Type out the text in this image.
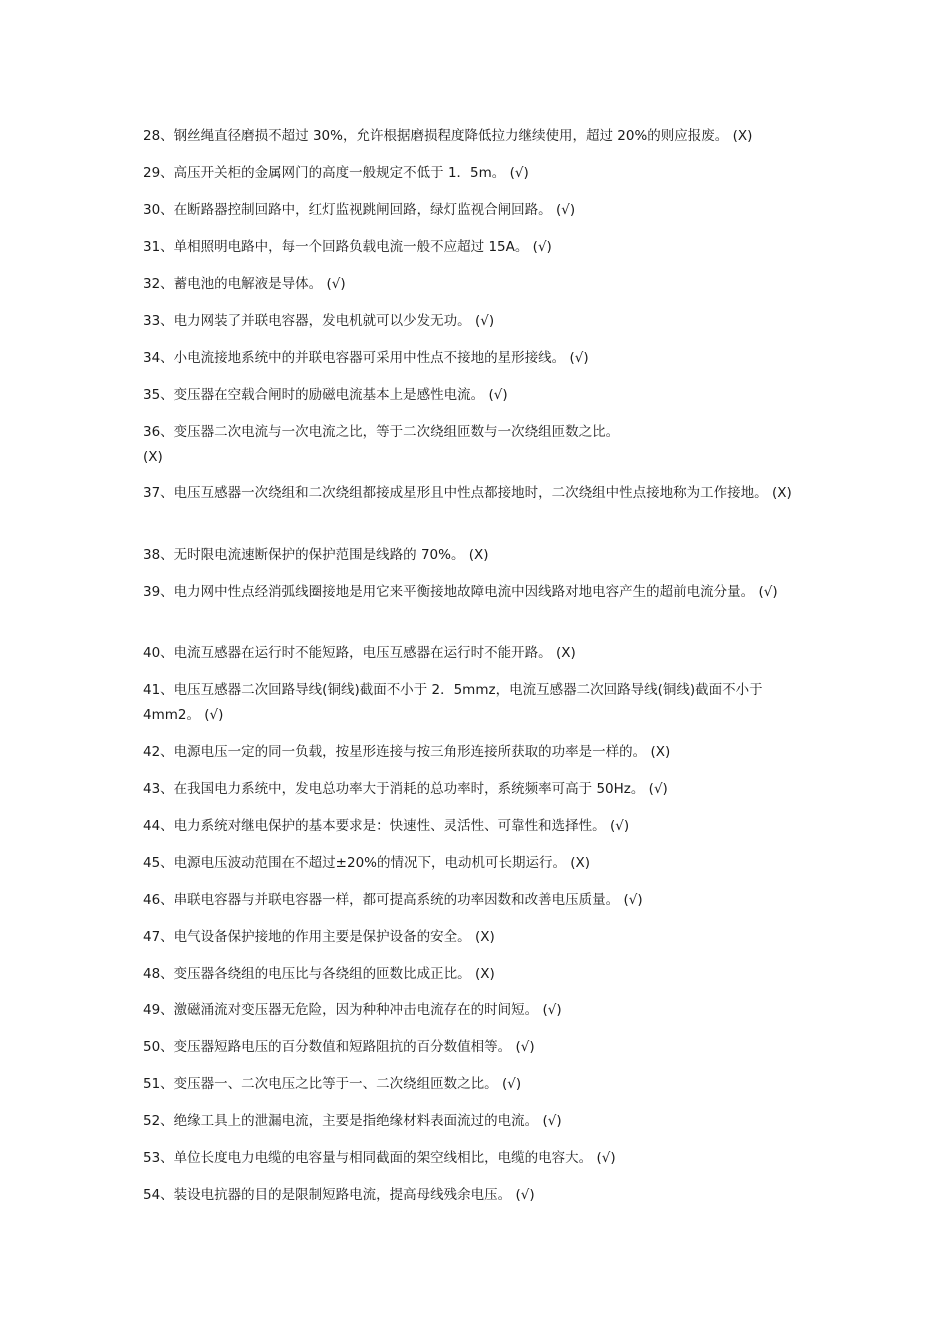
28、钢丝绳直径磨损不超过 30%，允许根据磨损程度降低拉力继续使用，超过 20%的则应报废。 (X)
29、高压开关柜的金属网门的高度一般规定不低于 1．5m。 (√)
30、在断路器控制回路中，红灯监视跳闸回路，绿灯监视合闸回路。 (√)
31、单相照明电路中，每一个回路负载电流一般不应超过 15A。 (√)
32、蓄电池的电解液是导体。 (√)
33、电力网装了并联电容器，发电机就可以少发无功。 (√)
34、小电流接地系统中的并联电容器可采用中性点不接地的星形接线。 (√)
35、变压器在空载合闸时的励磁电流基本上是感性电流。 (√)
36、变压器二次电流与一次电流之比，等于二次绕组匝数与一次绕组匝数之比。 (X)
37、电压互感器一次绕组和二次绕组都接成星形且中性点都接地时，二次绕组中性点接地称为工作接地。 (X)
38、无时限电流速断保护的保护范围是线路的 70%。 (X)
39、电力网中性点经消弧线圈接地是用它来平衡接地故障电流中因线路对地电容产生的超前电流分量。 (√)
40、电流互感器在运行时不能短路，电压互感器在运行时不能开路。 (X)
41、电压互感器二次回路导线(铜线)截面不小于 2．5mmz，电流互感器二次回路导线(铜线)截面不小于 4mm2。 (√)
42、电源电压一定的同一负载，按星形连接与按三角形连接所获取的功率是一样的。 (X)
43、在我国电力系统中，发电总功率大于消耗的总功率时，系统频率可高于 50Hz。 (√)
44、电力系统对继电保护的基本要求是：快速性、灵活性、可靠性和选择性。 (√)
45、电源电压波动范围在不超过±20%的情况下，电动机可长期运行。 (X)
46、串联电容器与并联电容器一样，都可提高系统的功率因数和改善电压质量。 (√)
47、电气设备保护接地的作用主要是保护设备的安全。 (X)
48、变压器各绕组的电压比与各绕组的匝数比成正比。 (X)
49、激磁涌流对变压器无危险，因为种种冲击电流存在的时间短。 (√)
50、变压器短路电压的百分数值和短路阻抗的百分数值相等。 (√)
51、变压器一、二次电压之比等于一、二次绕组匝数之比。 (√)
52、绝缘工具上的泄漏电流，主要是指绝缘材料表面流过的电流。 (√)
53、单位长度电力电缆的电容量与相同截面的架空线相比，电缆的电容大。 (√)
54、装设电抗器的目的是限制短路电流，提高母线残余电压。 (√)
